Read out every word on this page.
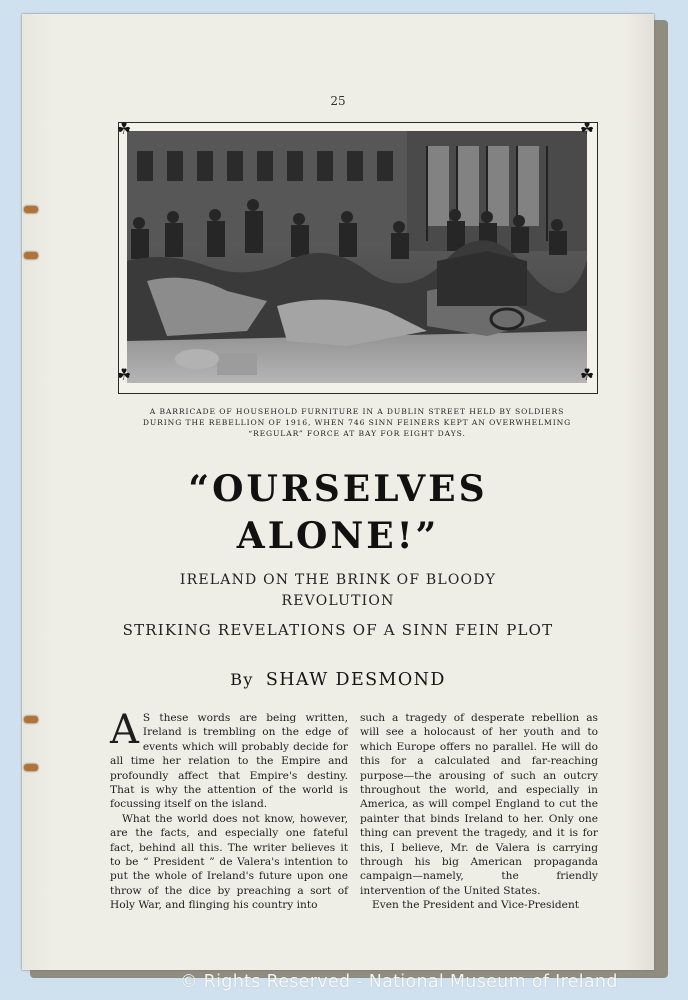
25
☘	☘
☘	☘
A BARRICADE OF HOUSEHOLD FURNITURE IN A DUBLIN STREET HELD BY SOLDIERS
DURING THE REBELLION OF 1916, WHEN 746 SINN FEINERS KEPT AN OVERWHELMING
“REGULAR” FORCE AT BAY FOR EIGHT DAYS.
“OURSELVES
ALONE!”
IRELAND ON THE BRINK OF BLOODY
REVOLUTION
STRIKING REVELATIONS OF A SINN FEIN PLOT
By SHAW DESMOND

A S these words are being written, Ireland is trembling on the edge of events which will probably decide for all time her relation to the Empire and profoundly affect that Empire's destiny. That is why the attention of the world is focussing itself on the island.

What the world does not know, however, are the facts, and especially one fateful fact, behind all this. The writer believes it to be “ President ” de Valera's intention to put the whole of Ireland's future upon one throw of the dice by preaching a sort of Holy War, and flinging his country into

such a tragedy of desperate rebellion as will see a holocaust of her youth and to which Europe offers no parallel. He will do this for a calculated and far-reaching purpose—the arousing of such an outcry throughout the world, and especially in America, as will compel England to cut the painter that binds Ireland to her. Only one thing can prevent the tragedy, and it is for this, I believe, Mr. de Valera is carrying through his big American propaganda campaign—namely, the friendly intervention of the United States.

Even the President and Vice-President

© Rights Reserved - National Museum of Ireland
